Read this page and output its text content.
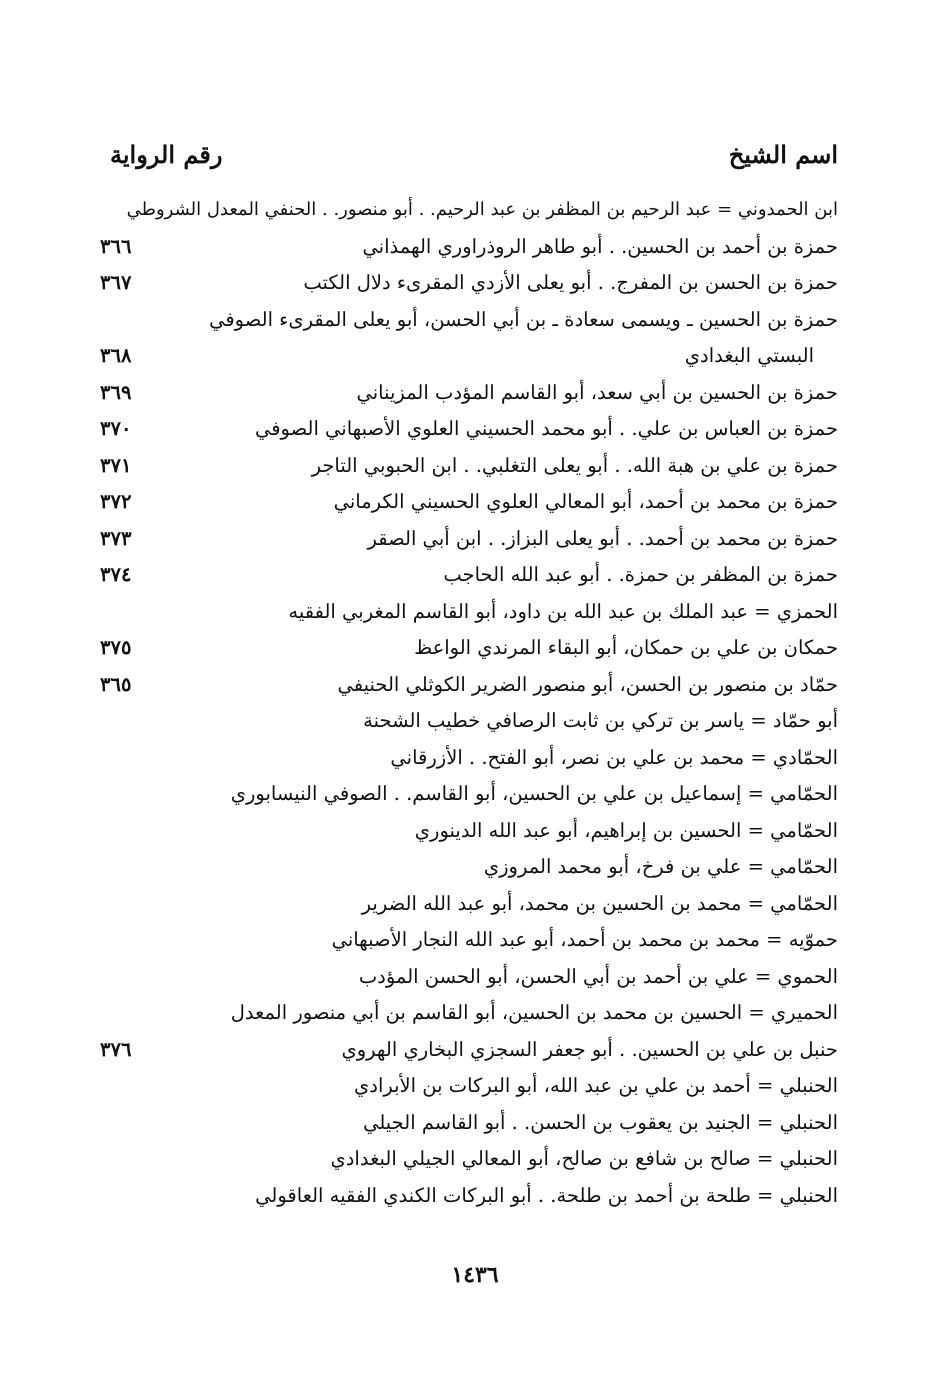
اسم الشيخ
رقم الرواية
ابن الحمدوني = عبد الرحيم بن المظفر بن عبد الرحيم. . أبو منصور. . الحنفي المعدل الشروطي
حمزة بن أحمد بن الحسين. . أبو طاهر الروذراوري الهمذاني
٣٦٦
حمزة بن الحسن بن المفرج. . أبو يعلى الأزدي المقرىء دلال الكتب
٣٦٧
حمزة بن الحسين ـ ويسمى سعادة ـ بن أبي الحسن، أبو يعلى المقرىء الصوفي
البستي البغدادي
٣٦٨
حمزة بن الحسين بن أبي سعد، أبو القاسم المؤدب المزيناني
٣٦٩
حمزة بن العباس بن علي. . أبو محمد الحسيني العلوي الأصبهاني الصوفي
٣٧٠
حمزة بن علي بن هبة الله. . أبو يعلى التغلبي. . ابن الحبوبي التاجر
٣٧١
حمزة بن محمد بن أحمد، أبو المعالي العلوي الحسيني الكرماني
٣٧٢
حمزة بن محمد بن أحمد. . أبو يعلى البزاز. . ابن أبي الصقر
٣٧٣
حمزة بن المظفر بن حمزة. . أبو عبد الله الحاجب
٣٧٤
الحمزي = عبد الملك بن عبد الله بن داود، أبو القاسم المغربي الفقيه
حمكان بن علي بن حمكان، أبو البقاء المرندي الواعظ
٣٧٥
حمّاد بن منصور بن الحسن، أبو منصور الضرير الكوثلي الحنيفي
٣٦٥
أبو حمّاد = ياسر بن تركي بن ثابت الرصافي خطيب الشحنة
الحمّادي = محمد بن علي بن نصر، أبو الفتح. . الأزرقاني
الحمّامي = إسماعيل بن علي بن الحسين، أبو القاسم. . الصوفي النيسابوري
الحمّامي = الحسين بن إبراهيم، أبو عبد الله الدينوري
الحمّامي = علي بن فرخ، أبو محمد المروزي
الحمّامي = محمد بن الحسين بن محمد، أبو عبد الله الضرير
حموّيه = محمد بن محمد بن أحمد، أبو عبد الله النجار الأصبهاني
الحموي = علي بن أحمد بن أبي الحسن، أبو الحسن المؤدب
الحميري = الحسين بن محمد بن الحسين، أبو القاسم بن أبي منصور المعدل
حنبل بن علي بن الحسين. . أبو جعفر السجزي البخاري الهروي
٣٧٦
الحنبلي = أحمد بن علي بن عبد الله، أبو البركات بن الأبرادي
الحنبلي = الجنيد بن يعقوب بن الحسن. . أبو القاسم الجيلي
الحنبلي = صالح بن شافع بن صالح، أبو المعالي الجيلي البغدادي
الحنبلي = طلحة بن أحمد بن طلحة. . أبو البركات الكندي الفقيه العاقولي
١٤٣٦
